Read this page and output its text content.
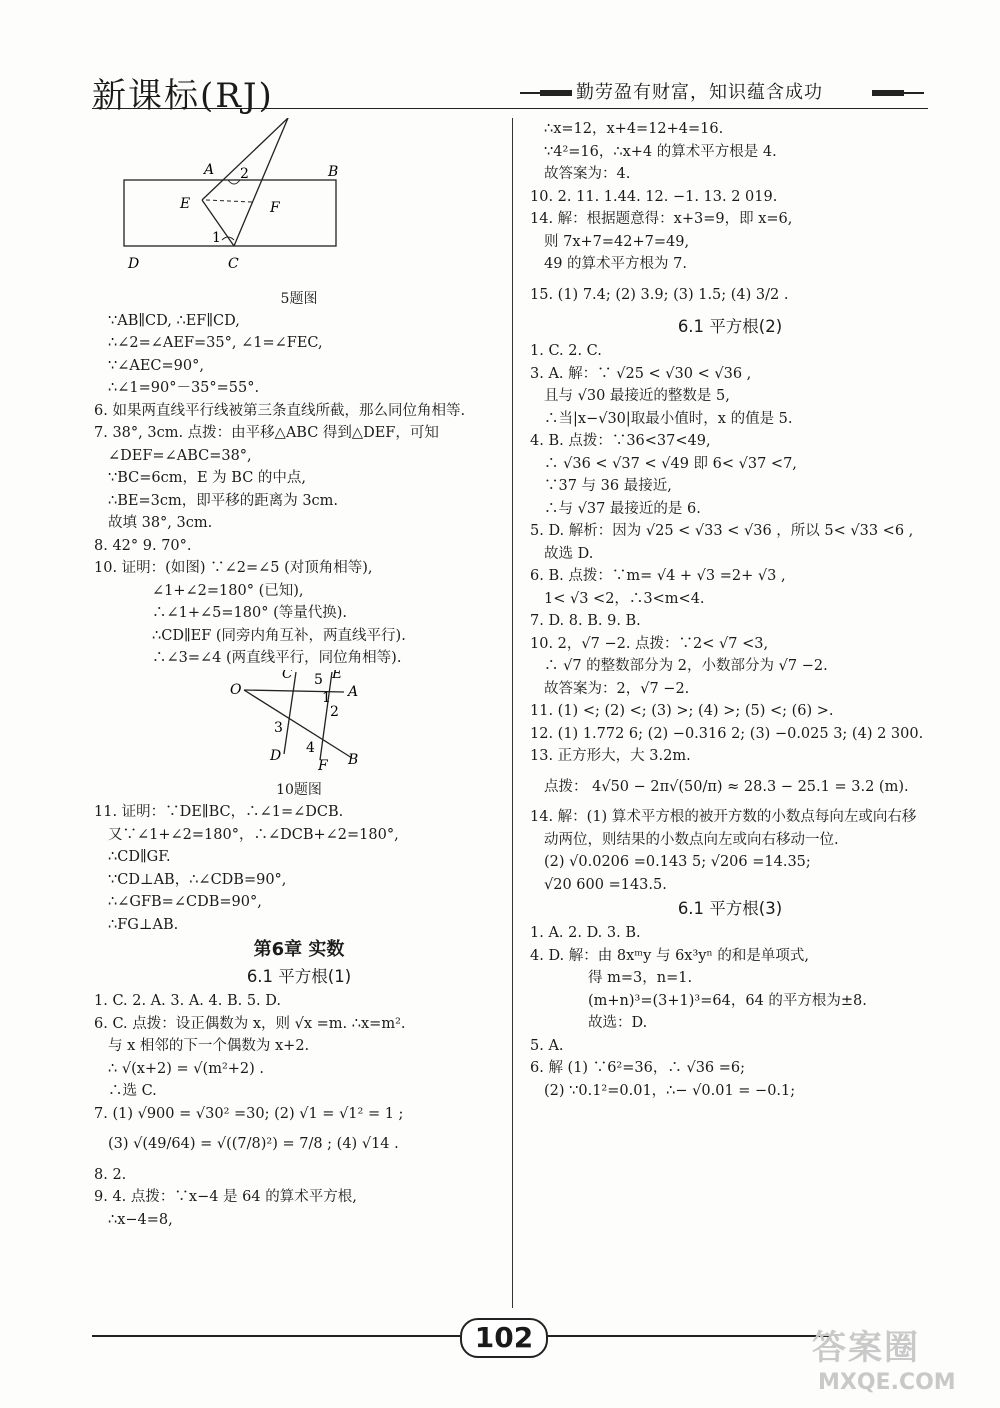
新课标(RJ)	勤劳盈有财富，知识蕴含成功
A 2	B
E	F
1
D	C
5题图
∵AB∥CD, ∴EF∥CD,
∴∠2=∠AEF=35°, ∠1=∠FEC,
∵∠AEC=90°,
∴∠1=90°－35°=55°.
6. 如果两直线平行线被第三条直线所截，那么同位角相等.
7. 38°, 3cm. 点拨：由平移△ABC 得到△DEF，可知
∠DEF=∠ABC=38°,
∵BC=6cm，E 为 BC 的中点,
∴BE=3cm，即平移的距离为 3cm.
故填 38°, 3cm.
8. 42° 9. 70°.
10. 证明：(如图) ∵∠2=∠5 (对顶角相等),
∠1+∠2=180° (已知),
∴∠1+∠5=180° (等量代换).
∴CD∥EF (同旁内角互补，两直线平行).
∴∠3=∠4 (两直线平行，同位角相等).
O
C 5 E
A
1
2
3
D 4
F B
10题图
11. 证明：∵DE∥BC，∴∠1=∠DCB.
又∵∠1+∠2=180°，∴∠DCB+∠2=180°,
∴CD∥GF.
∵CD⊥AB，∴∠CDB=90°,
∴∠GFB=∠CDB=90°,
∴FG⊥AB.
第6章 实数
6.1 平方根(1)
1. C. 2. A. 3. A. 4. B. 5. D.
6. C. 点拨：设正偶数为 x，则 √x =m. ∴x=m².
与 x 相邻的下一个偶数为 x+2.
∴ √(x+2) = √(m²+2) .
∴选 C.
7. (1) √900 = √30² =30; (2) √1 = √1² = 1 ;
(3) √(49/64) = √((7/8)²) = 7/8 ; (4) √14 .
8. 2.
9. 4. 点拨：∵x−4 是 64 的算术平方根,
∴x−4=8,
∴x=12，x+4=12+4=16.
∵4²=16，∴x+4 的算术平方根是 4.
故答案为：4.
10. 2. 11. 1.44. 12. −1. 13. 2 019.
14. 解：根据题意得：x+3=9，即 x=6,
则 7x+7=42+7=49,
49 的算术平方根为 7.
15. (1) 7.4; (2) 3.9; (3) 1.5; (4) 3/2 .
6.1 平方根(2)
1. C. 2. C.
3. A. 解：∵ √25 < √30 < √36 ,
且与 √30 最接近的整数是 5,
∴当|x−√30|取最小值时，x 的值是 5.
4. B. 点拨：∵36<37<49,
∴ √36 < √37 < √49 即 6< √37 <7,
∵37 与 36 最接近,
∴与 √37 最接近的是 6.
5. D. 解析：因为 √25 < √33 < √36 ，所以 5< √33 <6 ,
故选 D.
6. B. 点拨：∵m= √4 + √3 =2+ √3 ,
1< √3 <2，∴3<m<4.
7. D. 8. B. 9. B.
10. 2，√7 −2. 点拨：∵2< √7 <3,
∴ √7 的整数部分为 2，小数部分为 √7 −2.
故答案为：2，√7 −2.
11. (1) <; (2) <; (3) >; (4) >; (5) <; (6) >.
12. (1) 1.772 6; (2) −0.316 2; (3) −0.025 3; (4) 2 300.
13. 正方形大，大 3.2m.
点拨： 4√50 − 2π√(50/π) ≈ 28.3 − 25.1 = 3.2 (m).
14. 解：(1) 算术平方根的被开方数的小数点每向左或向右移
动两位，则结果的小数点向左或向右移动一位.
(2) √0.0206 =0.143 5; √206 =14.35;
√20 600 =143.5.
6.1 平方根(3)
1. A. 2. D. 3. B.
4. D. 解：由 8xᵐy 与 6x³yⁿ 的和是单项式,
得 m=3，n=1.
(m+n)³=(3+1)³=64，64 的平方根为±8.
故选：D.
5. A.
6. 解 (1) ∵6²=36，∴ √36 =6;
(2) ∵0.1²=0.01，∴− √0.01 = −0.1;
102	答案圈
MXQE.COM
